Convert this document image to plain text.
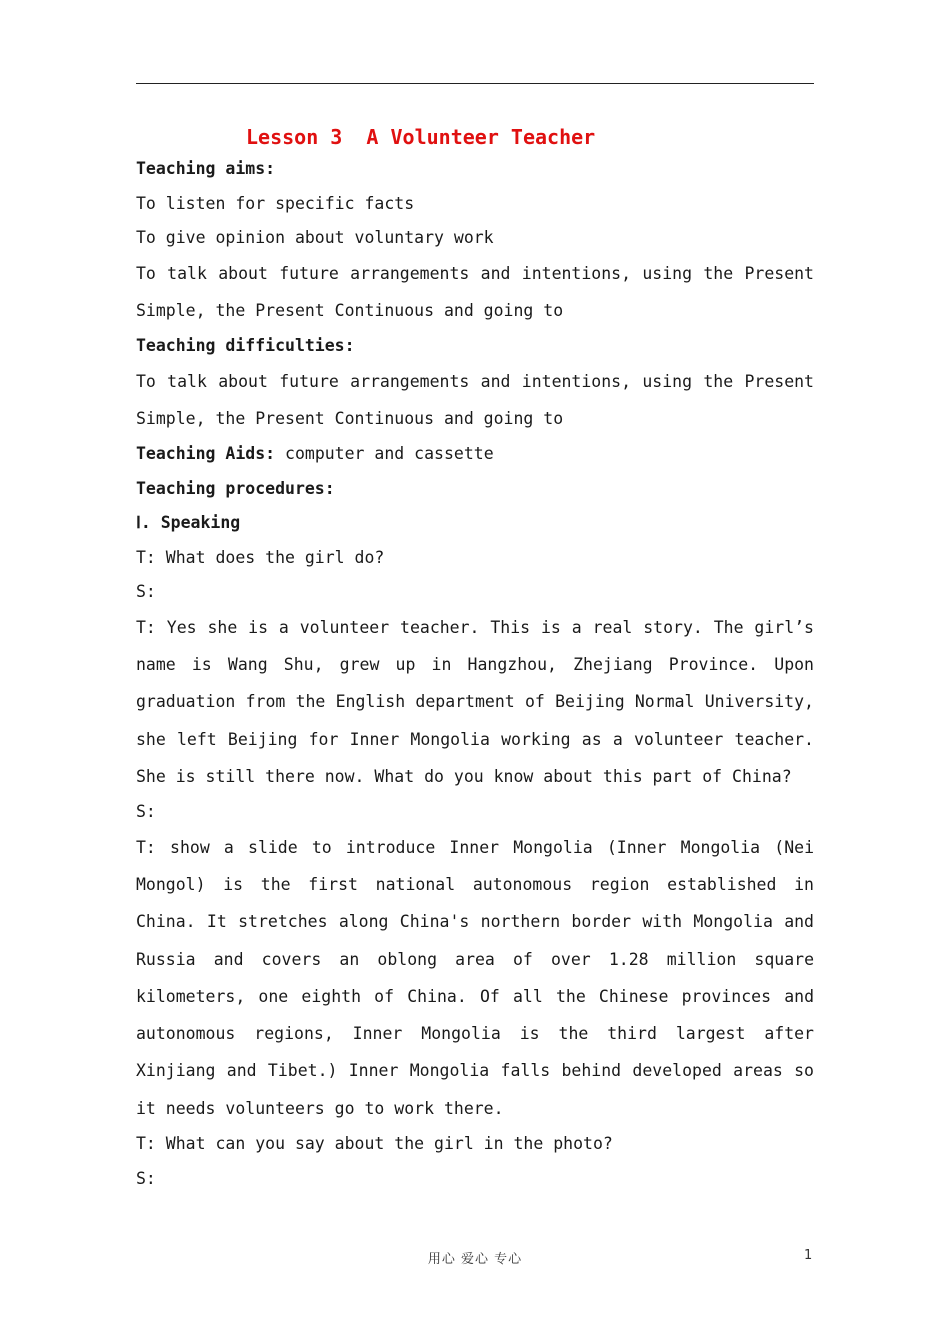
Lesson 3  A Volunteer Teacher
Teaching aims:
To listen for specific facts
To give opinion about voluntary work
To talk about future arrangements and intentions, using the Present Simple, the Present Continuous and going to
Teaching difficulties:
To talk about future arrangements and intentions, using the Present Simple, the Present Continuous and going to
Teaching Aids: computer and cassette
Teaching procedures:
Ⅰ. Speaking
T: What does the girl do?
S:
T: Yes she is a volunteer teacher. This is a real story. The girl’s name is Wang Shu, grew up in Hangzhou, Zhejiang Province. Upon graduation from the English department of Beijing Normal University, she left Beijing for Inner Mongolia working as a volunteer teacher. She is still there now. What do you know about this part of China?
S:
T: show a slide to introduce Inner Mongolia (Inner Mongolia (Nei Mongol) is the first national autonomous region established in China. It stretches along China's northern border with Mongolia and Russia and covers an oblong area of over 1.28 million square kilometers, one eighth of China. Of all the Chinese provinces and autonomous regions, Inner Mongolia is the third largest after Xinjiang and Tibet.) Inner Mongolia falls behind developed areas so it needs volunteers go to work there.
T: What can you say about the girl in the photo?
S:
用心 爱心 专心	1
